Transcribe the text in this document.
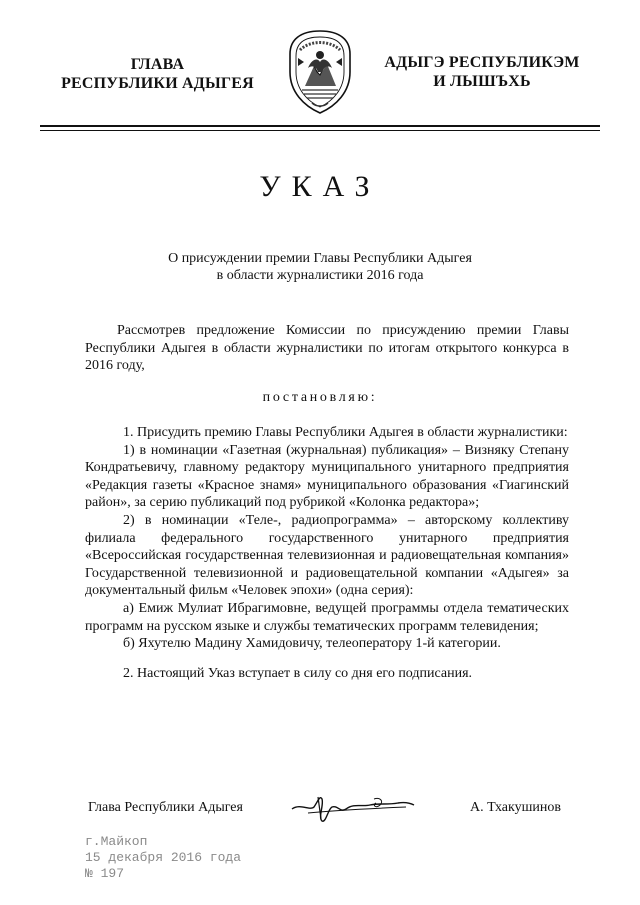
ГЛАВА
РЕСПУБЛИКИ АДЫГЕЯ
АДЫГЭ РЕСПУБЛИКЭМ
И ЛЫШЪХЬ
УКАЗ
О присуждении премии Главы Республики Адыгея
в области журналистики 2016 года
Рассмотрев предложение Комиссии по присуждению премии Главы Республики Адыгея в области журналистики по итогам открытого конкурса в 2016 году,
постановляю:

1. Присудить премию Главы Республики Адыгея в области журналистики:

1) в номинации «Газетная (журнальная) публикация» – Визняку Степану Кондратьевичу, главному редактору муниципального унитарного предприятия «Редакция газеты «Красное знамя» муниципального образования «Гиагинский район», за серию публикаций под рубрикой «Колонка редактора»;

2) в номинации «Теле-, радиопрограмма» – авторскому коллективу филиала федерального государственного унитарного предприятия «Всероссийская государственная телевизионная и радиовещательная компания» Государственной телевизионной и радиовещательной компании «Адыгея» за документальный фильм «Человек эпохи» (одна серия):

а) Емиж Мулиат Ибрагимовне, ведущей программы отдела тематических программ на русском языке и службы тематических программ телевидения;

б) Яхутелю Мадину Хамидовичу, телеоператору 1-й категории.

2. Настоящий Указ вступает в силу со дня его подписания.

Глава Республики Адыгея	А. Тхакушинов
г.Майкоп
15 декабря 2016 года
№ 197
